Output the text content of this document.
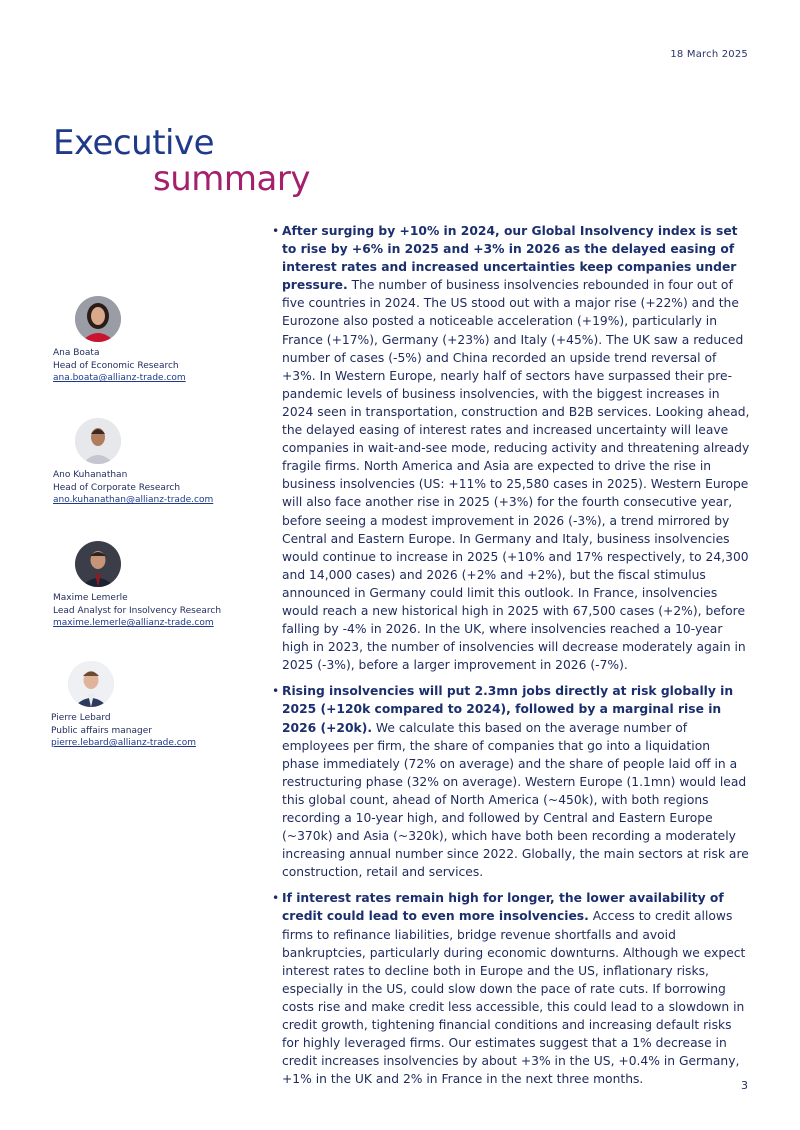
18 March 2025
Executive
summary
Ana Boata
Head of Economic Research
ana.boata@allianz-trade.com
Ano Kuhanathan
Head of Corporate Research
ano.kuhanathan@allianz-trade.com
Maxime Lemerle
Lead Analyst for Insolvency Research
maxime.lemerle@allianz-trade.com
Pierre Lebard
Public affairs manager
pierre.lebard@allianz-trade.com

• After surging by +10% in 2024, our Global Insolvency index is set to rise by +6% in 2025 and +3% in 2026 as the delayed easing of interest rates and increased uncertainties keep companies under pressure. The number of business insolvencies rebounded in four out of five countries in 2024. The US stood out with a major rise (+22%) and the Eurozone also posted a noticeable acceleration (+19%), particularly in France (+17%), Germany (+23%) and Italy (+45%). The UK saw a reduced number of cases (-5%) and China recorded an upside trend reversal of +3%. In Western Europe, nearly half of sectors have surpassed their pre-pandemic levels of business insolvencies, with the biggest increases in 2024 seen in transportation, construction and B2B services. Looking ahead, the delayed easing of interest rates and increased uncertainty will leave companies in wait-and-see mode, reducing activity and threatening already fragile firms. North America and Asia are expected to drive the rise in business insolvencies (US: +11% to 25,580 cases in 2025). Western Europe will also face another rise in 2025 (+3%) for the fourth consecutive year, before seeing a modest improvement in 2026 (-3%), a trend mirrored by Central and Eastern Europe. In Germany and Italy, business insolvencies would continue to increase in 2025 (+10% and 17% respectively, to 24,300 and 14,000 cases) and 2026 (+2% and +2%), but the fiscal stimulus announced in Germany could limit this outlook. In France, insolvencies would reach a new historical high in 2025 with 67,500 cases (+2%), before falling by -4% in 2026. In the UK, where insolvencies reached a 10-year high in 2023, the number of insolvencies will decrease moderately again in 2025 (-3%), before a larger improvement in 2026 (-7%).

• Rising insolvencies will put 2.3mn jobs directly at risk globally in 2025 (+120k compared to 2024), followed by a marginal rise in 2026 (+20k). We calculate this based on the average number of employees per firm, the share of companies that go into a liquidation phase immediately (72% on average) and the share of people laid off in a restructuring phase (32% on average). Western Europe (1.1mn) would lead this global count, ahead of North America (~450k), with both regions recording a 10-year high, and followed by Central and Eastern Europe (~370k) and Asia (~320k), which have both been recording a moderately increasing annual number since 2022. Globally, the main sectors at risk are construction, retail and services.

• If interest rates remain high for longer, the lower availability of credit could lead to even more insolvencies. Access to credit allows firms to refinance liabilities, bridge revenue shortfalls and avoid bankruptcies, particularly during economic downturns. Although we expect interest rates to decline both in Europe and the US, inflationary risks, especially in the US, could slow down the pace of rate cuts. If borrowing costs rise and make credit less accessible, this could lead to a slowdown in credit growth, tightening financial conditions and increasing default risks for highly leveraged firms. Our estimates suggest that a 1% decrease in credit increases insolvencies by about +3% in the US, +0.4% in Germany, +1% in the UK and 2% in France in the next three months.	3
